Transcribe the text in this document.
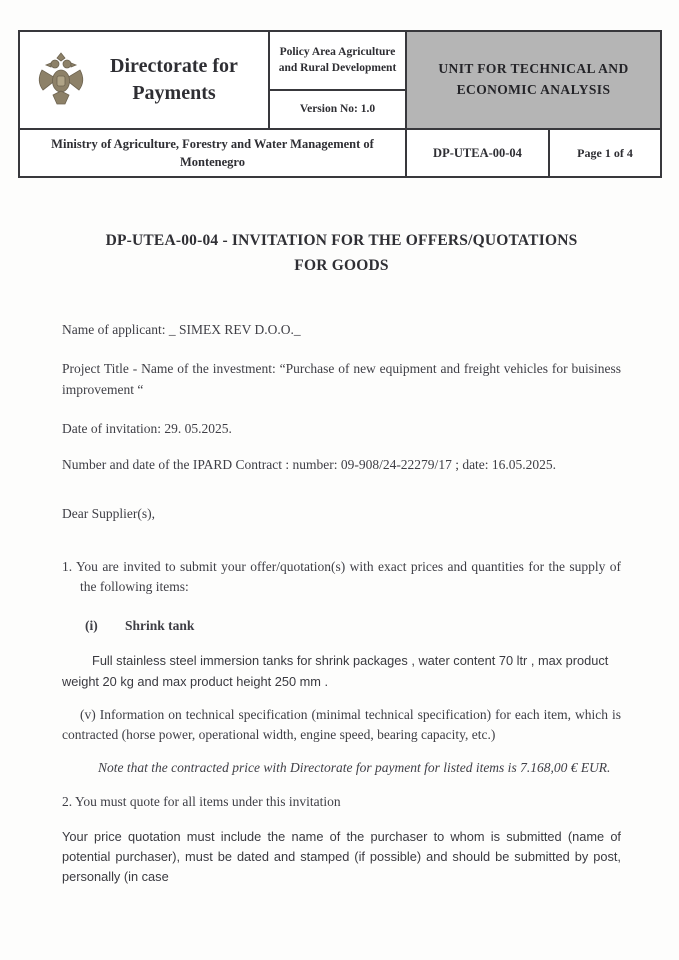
Directorate for Payments
Policy Area Agriculture and Rural Development
Version No: 1.0
UNIT FOR TECHNICAL AND ECONOMIC ANALYSIS
Ministry of Agriculture, Forestry and Water Management of Montenegro
DP-UTEA-00-04	Page 1 of 4
DP-UTEA-00-04 - INVITATION FOR THE OFFERS/QUOTATIONS FOR GOODS

Name of applicant: _ SIMEX REV D.O.O._

Project Title - Name of the investment: “Purchase of new equipment and freight vehicles for buisiness improvement “

Date of invitation: 29. 05.2025.

Number and date of the IPARD Contract : number: 09-908/24-22279/17 ; date: 16.05.2025.

Dear Supplier(s),

1. You are invited to submit your offer/quotation(s) with exact prices and quantities for the supply of the following items:

(i) Shrink tank

Full stainless steel immersion tanks for shrink packages , water content 70 ltr , max product weight 20 kg and max product height 250 mm .

(v) Information on technical specification (minimal technical specification) for each item, which is contracted (horse power, operational width, engine speed, bearing capacity, etc.)

Note that the contracted price with Directorate for payment for listed items is 7.168,00 € EUR.

2. You must quote for all items under this invitation

Your price quotation must include the name of the purchaser to whom is submitted (name of potential purchaser), must be dated and stamped (if possible) and should be submitted by post, personally (in case
